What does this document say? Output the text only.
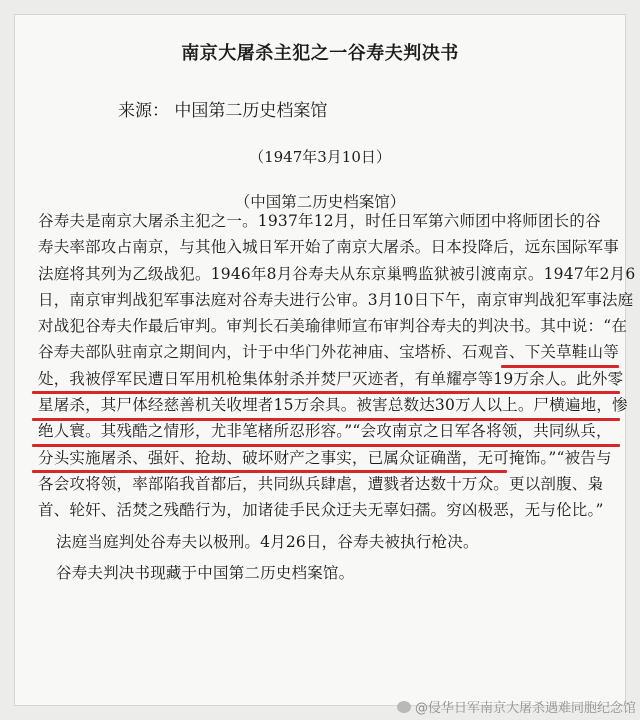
南京大屠杀主犯之一谷寿夫判决书
来源： 中国第二历史档案馆
（1947年3月10日）
（中国第二历史档案馆）
谷寿夫是南京大屠杀主犯之一。1937年12月，时任日军第六师团中将师团长的谷
寿夫率部攻占南京，与其他入城日军开始了南京大屠杀。日本投降后，远东国际军事
法庭将其列为乙级战犯。1946年8月谷寿夫从东京巢鸭监狱被引渡南京。1947年2月6
日，南京审判战犯军事法庭对谷寿夫进行公审。3月10日下午，南京审判战犯军事法庭
对战犯谷寿夫作最后审判。审判长石美瑜律师宣布审判谷寿夫的判决书。其中说：“在
谷寿夫部队驻南京之期间内，计于中华门外花神庙、宝塔桥、石观音、下关草鞋山等
处，我被俘军民遭日军用机枪集体射杀并焚尸灭迹者，有单耀亭等19万余人。此外零
星屠杀，其尸体经慈善机关收埋者15万余具。被害总数达30万人以上。尸横遍地，惨
绝人寰。其残酷之情形，尤非笔楮所忍形容。”“会攻南京之日军各将领，共同纵兵，
分头实施屠杀、强奸、抢劫、破坏财产之事实，已属众证确凿，无可掩饰。”“被告与
各会攻将领，率部陷我首都后，共同纵兵肆虐，遭戮者达数十万众。更以剖腹、枭
首、轮奸、活焚之残酷行为，加诸徒手民众迂夫无辜妇孺。穷凶极恶，无与伦比。”
法庭当庭判处谷寿夫以极刑。4月26日，谷寿夫被执行枪决。
谷寿夫判决书现藏于中国第二历史档案馆。
@侵华日军南京大屠杀遇难同胞纪念馆
